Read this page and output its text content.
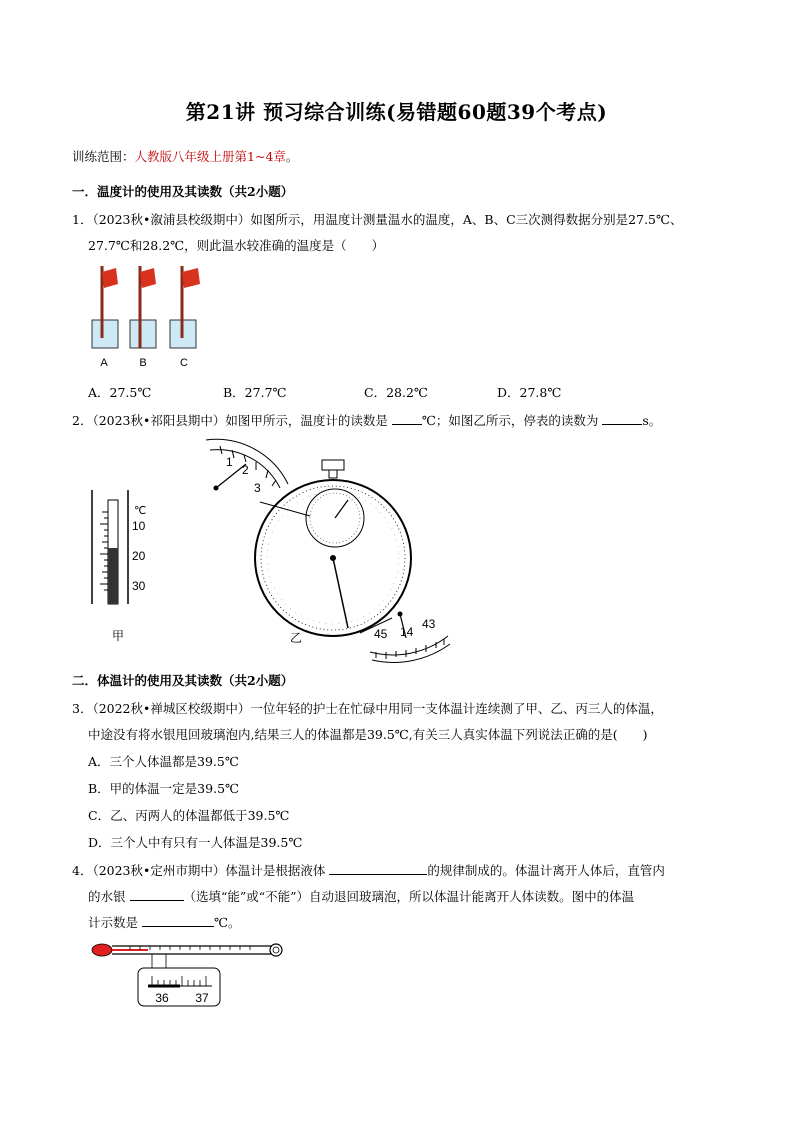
第21讲 预习综合训练(易错题60题39个考点)
训练范围：人教版八年级上册第1~4章。
一．温度计的使用及其读数（共2小题）
1．（2023秋•溆浦县校级期中）如图所示，用温度计测量温水的温度，A、B、C三次测得数据分别是27.5℃、
27.7℃和28.2℃，则此温水较准确的温度是（　　）
A	B	C
A．27.5℃	B．27.7℃	C．28.2℃	D．27.8℃
2．（2023秋•祁阳县期中）如图甲所示，温度计的读数是	℃；如图乙所示，停表的读数为	s。
℃
10
20
30
甲
1
2
3
45 14
43
乙
二．体温计的使用及其读数（共2小题）
3．（2022秋•禅城区校级期中）一位年轻的护士在忙碌中用同一支体温计连续测了甲、乙、丙三人的体温，
中途没有将水银甩回玻璃泡内,结果三人的体温都是39.5℃,有关三人真实体温下列说法正确的是(　　)
A．三个人体温都是39.5℃
B．甲的体温一定是39.5℃
C．乙、丙两人的体温都低于39.5℃
D．三个人中有只有一人体温是39.5℃
4．（2023秋•定州市期中）体温计是根据液体	的规律制成的。体温计离开人体后，直管内
的水银	（选填“能”或“不能”）自动退回玻璃泡，所以体温计能离开人体读数。图中的体温
计示数是	℃。
36 37
